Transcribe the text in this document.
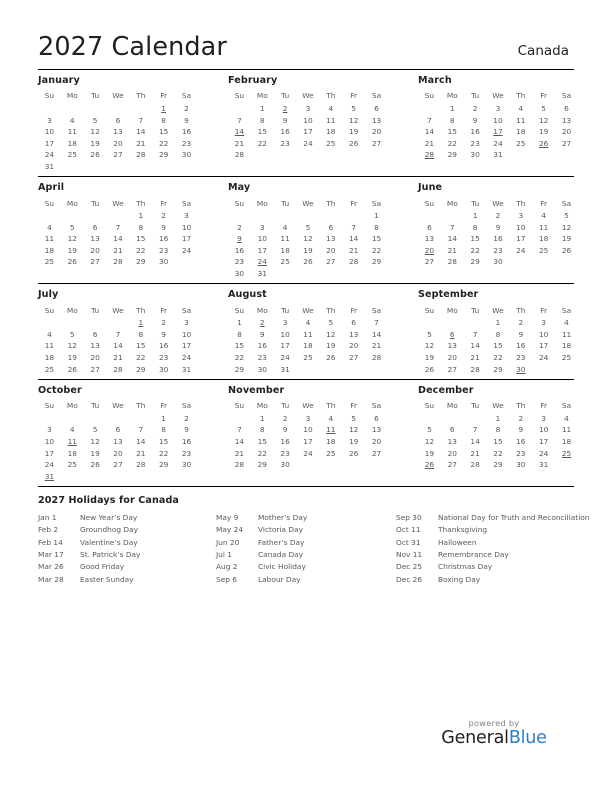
2027 Calendar	Canada
January
Su	Mo	Tu	We	Th	Fr	Sa
					1	2
3	4	5	6	7	8	9
10	11	12	13	14	15	16
17	18	19	20	21	22	23
24	25	26	27	28	29	30
31						
February
Su	Mo	Tu	We	Th	Fr	Sa
	1	2	3	4	5	6
7	8	9	10	11	12	13
14	15	16	17	18	19	20
21	22	23	24	25	26	27
28						
March
Su	Mo	Tu	We	Th	Fr	Sa
	1	2	3	4	5	6
7	8	9	10	11	12	13
14	15	16	17	18	19	20
21	22	23	24	25	26	27
28	29	30	31			
April
Su	Mo	Tu	We	Th	Fr	Sa
				1	2	3
4	5	6	7	8	9	10
11	12	13	14	15	16	17
18	19	20	21	22	23	24
25	26	27	28	29	30	
May
Su	Mo	Tu	We	Th	Fr	Sa
						1
2	3	4	5	6	7	8
9	10	11	12	13	14	15
16	17	18	19	20	21	22
23	24	25	26	27	28	29
30	31					
June
Su	Mo	Tu	We	Th	Fr	Sa
		1	2	3	4	5
6	7	8	9	10	11	12
13	14	15	16	17	18	19
20	21	22	23	24	25	26
27	28	29	30			
July
Su	Mo	Tu	We	Th	Fr	Sa
				1	2	3
4	5	6	7	8	9	10
11	12	13	14	15	16	17
18	19	20	21	22	23	24
25	26	27	28	29	30	31
August
Su	Mo	Tu	We	Th	Fr	Sa
1	2	3	4	5	6	7
8	9	10	11	12	13	14
15	16	17	18	19	20	21
22	23	24	25	26	27	28
29	30	31				
September
Su	Mo	Tu	We	Th	Fr	Sa
			1	2	3	4
5	6	7	8	9	10	11
12	13	14	15	16	17	18
19	20	21	22	23	24	25
26	27	28	29	30		
October
Su	Mo	Tu	We	Th	Fr	Sa
					1	2
3	4	5	6	7	8	9
10	11	12	13	14	15	16
17	18	19	20	21	22	23
24	25	26	27	28	29	30
31						
November
Su	Mo	Tu	We	Th	Fr	Sa
	1	2	3	4	5	6
7	8	9	10	11	12	13
14	15	16	17	18	19	20
21	22	23	24	25	26	27
28	29	30				
December
Su	Mo	Tu	We	Th	Fr	Sa
			1	2	3	4
5	6	7	8	9	10	11
12	13	14	15	16	17	18
19	20	21	22	23	24	25
26	27	28	29	30	31	
2027 Holidays for Canada
Jan 1	New Year’s Day
Feb 2	Groundhog Day
Feb 14	Valentine’s Day
Mar 17	St. Patrick’s Day
Mar 26	Good Friday
Mar 28	Easter Sunday
May 9	Mother’s Day
May 24	Victoria Day
Jun 20	Father’s Day
Jul 1	Canada Day
Aug 2	Civic Holiday
Sep 6	Labour Day
Sep 30	National Day for Truth and Reconciliation
Oct 11	Thanksgiving
Oct 31	Halloween
Nov 11	Remembrance Day
Dec 25	Christmas Day
Dec 26	Boxing Day
powered by
GeneralBlue
